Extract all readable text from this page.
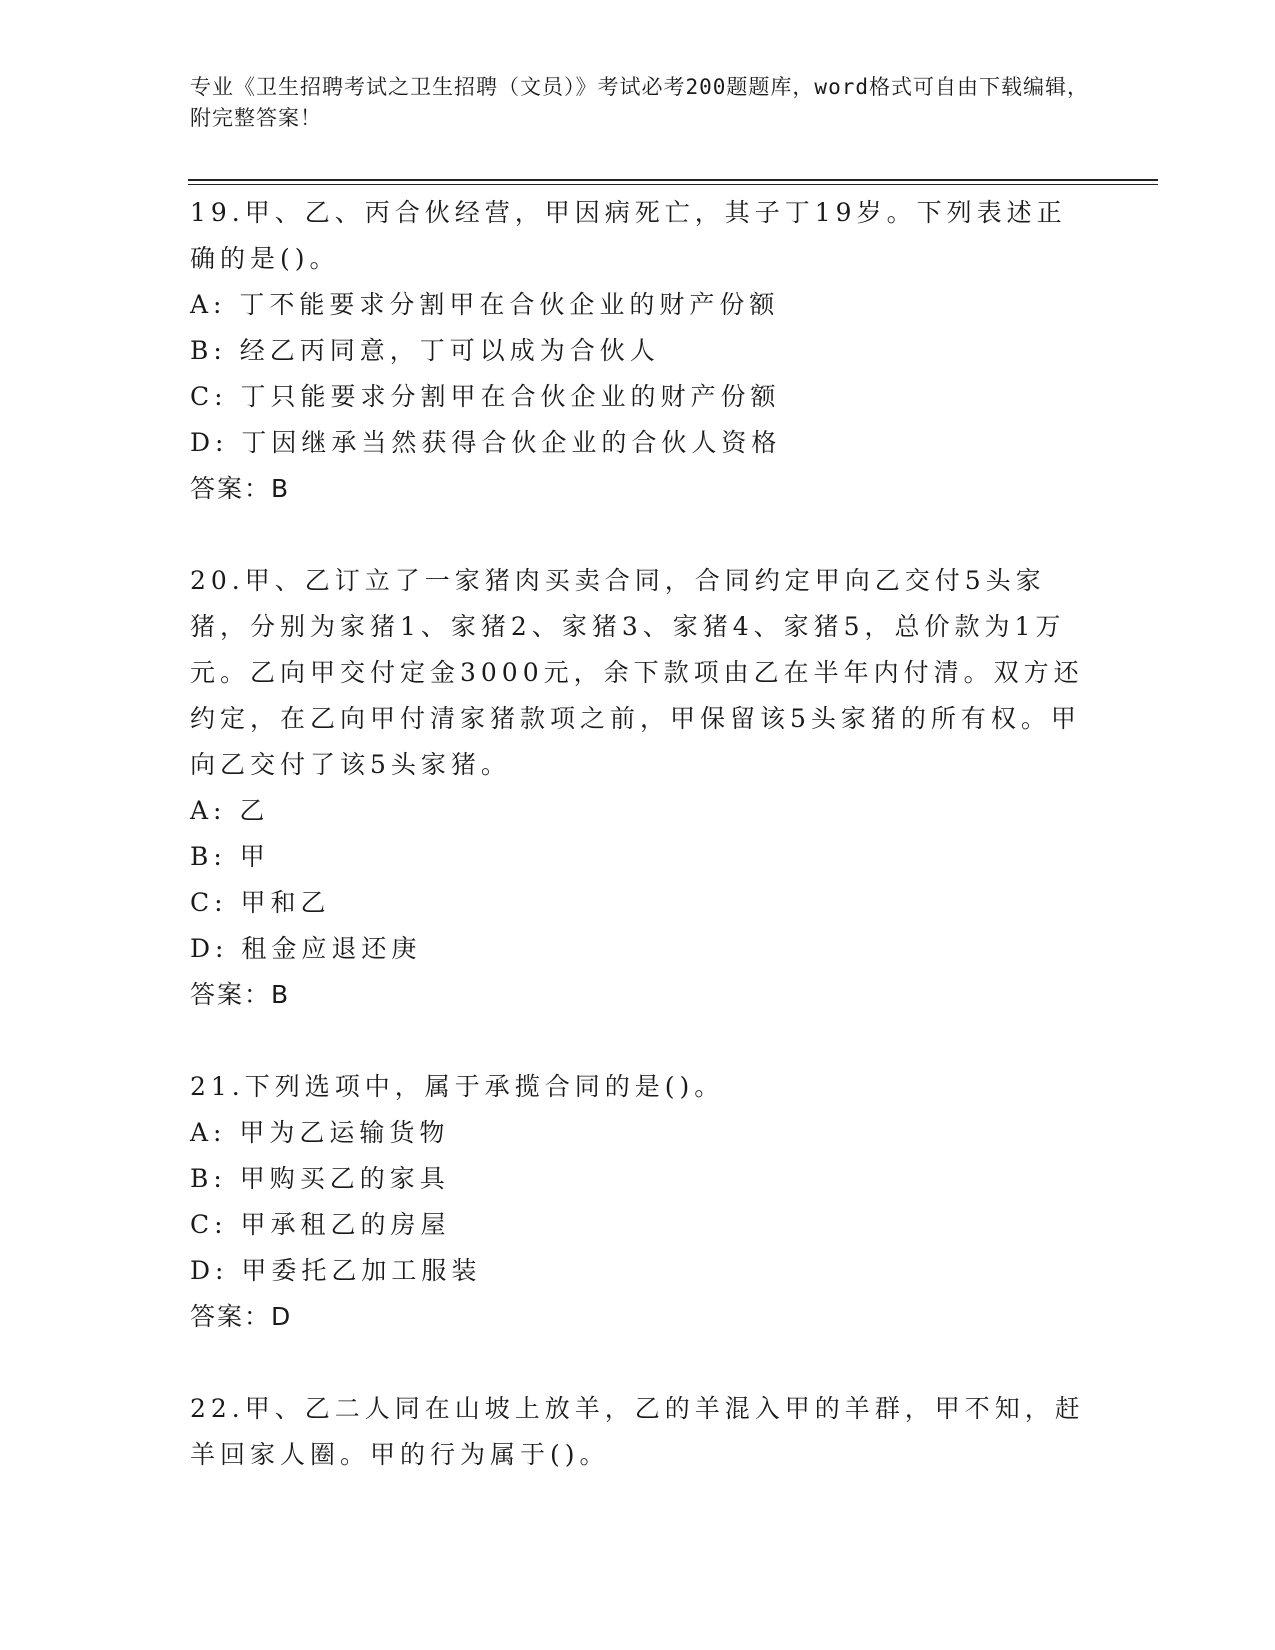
专业《卫生招聘考试之卫生招聘（文员）》考试必考200题题库，word格式可自由下载编辑，附完整答案！
19.甲、乙、丙合伙经营，甲因病死亡，其子丁19岁。下列表述正确的是()。
A: 丁不能要求分割甲在合伙企业的财产份额
B: 经乙丙同意，丁可以成为合伙人
C: 丁只能要求分割甲在合伙企业的财产份额
D: 丁因继承当然获得合伙企业的合伙人资格
答案：B
20.甲、乙订立了一家猪肉买卖合同，合同约定甲向乙交付5头家猪，分别为家猪1、家猪2、家猪3、家猪4、家猪5，总价款为1万元。乙向甲交付定金3000元，余下款项由乙在半年内付清。双方还约定，在乙向甲付清家猪款项之前，甲保留该5头家猪的所有权。甲向乙交付了该5头家猪。
A: 乙
B: 甲
C: 甲和乙
D: 租金应退还庚
答案：B
21.下列选项中，属于承揽合同的是()。
A: 甲为乙运输货物
B: 甲购买乙的家具
C: 甲承租乙的房屋
D: 甲委托乙加工服装
答案：D
22.甲、乙二人同在山坡上放羊，乙的羊混入甲的羊群，甲不知，赶羊回家人圈。甲的行为属于()。
